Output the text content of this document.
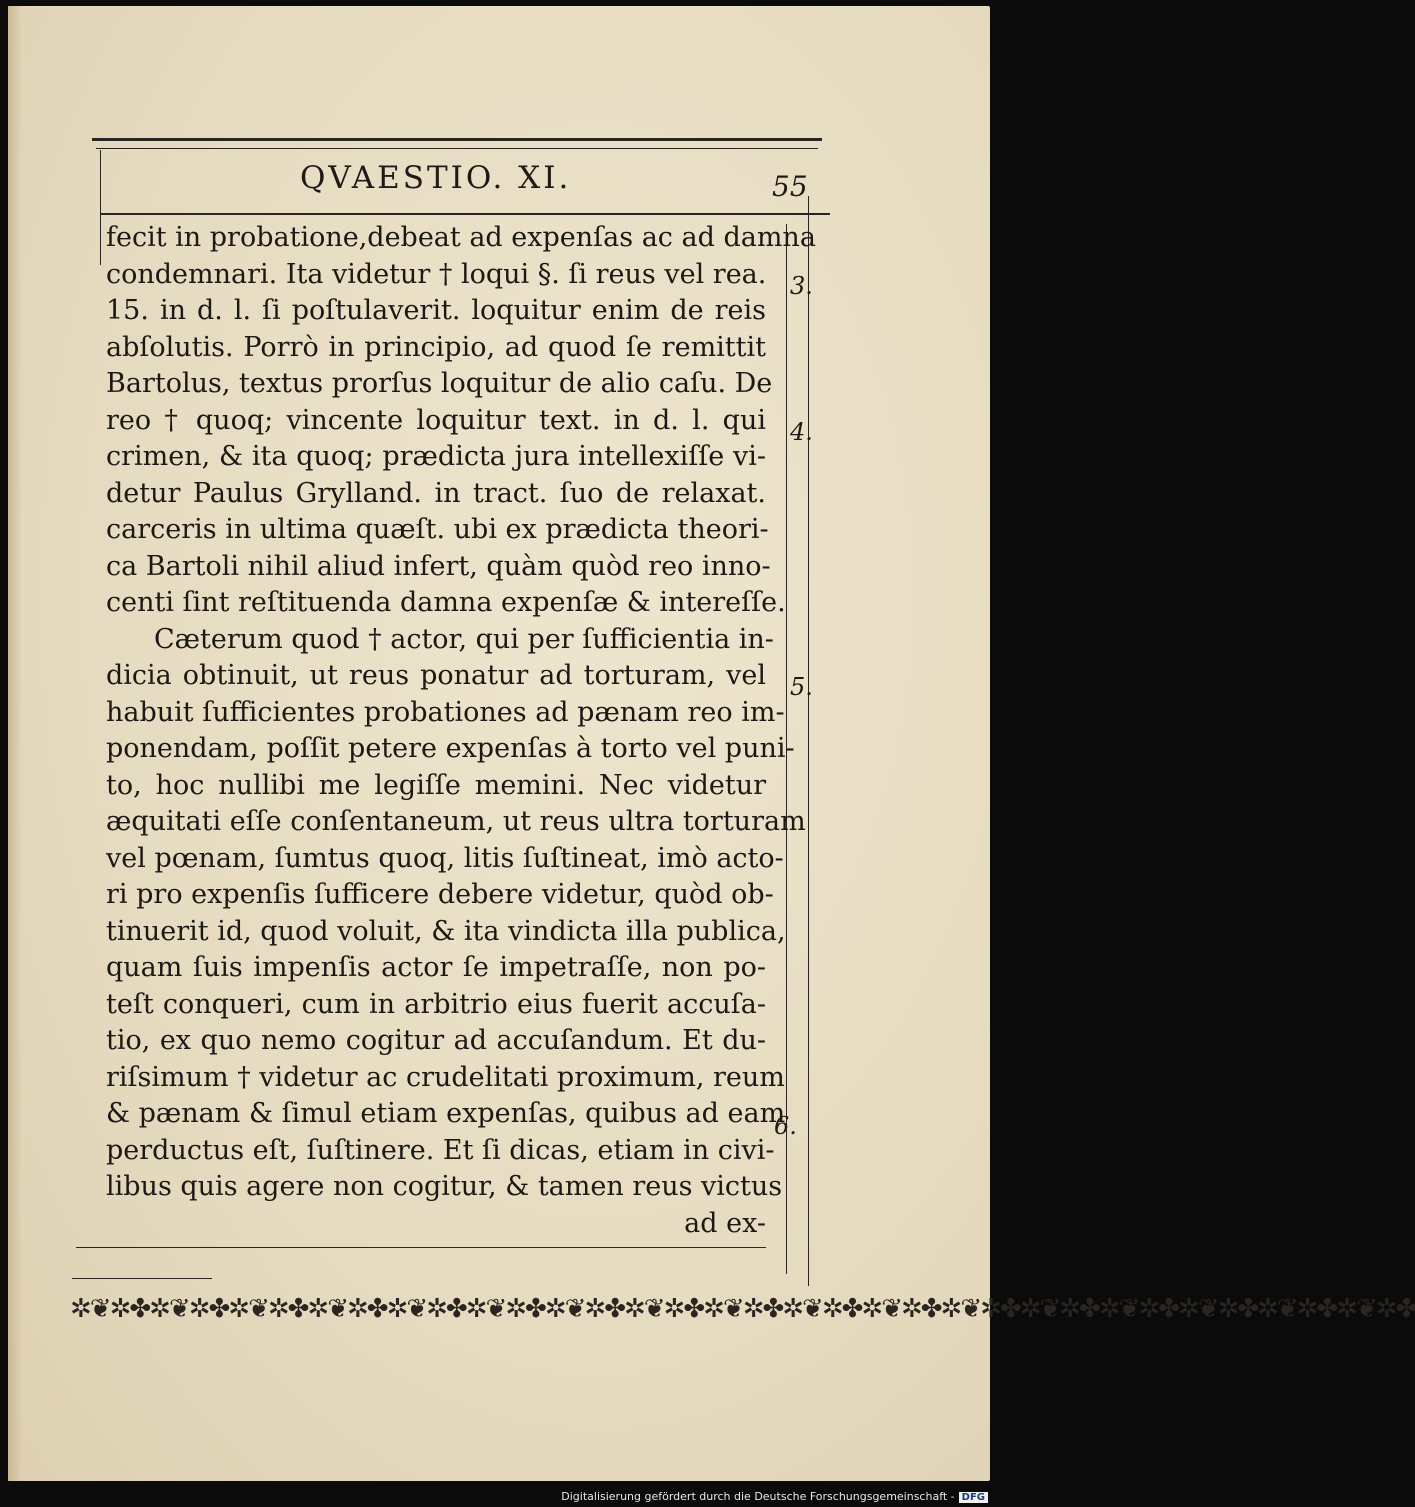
QVAESTIO. XI.	55
fecit in probatione,debeat ad expenſas ac ad damna
condemnari. Ita videtur † loqui §. ſi reus vel rea.
15. in d. l. ſi poſtulaverit. loquitur enim de reis
abſolutis. Porrò in principio, ad quod ſe remittit
Bartolus, textus prorſus loquitur de alio caſu. De
reo † quoq; vincente loquitur text. in d. l. qui
crimen, & ita quoq; prædicta jura intellexiſſe vi-
detur Paulus Grylland. in tract. ſuo de relaxat.
carceris in ultima quæſt. ubi ex prædicta theori-
ca Bartoli nihil aliud infert, quàm quòd reo inno-
centi ſint reſtituenda damna expenſæ & intereſſe.
Cæterum quod † actor, qui per ſufficientia in-
dicia obtinuit, ut reus ponatur ad torturam, vel
habuit ſufficientes probationes ad pænam reo im-
ponendam, poſſit petere expenſas à torto vel puni-
to, hoc nullibi me legiſſe memini. Nec videtur
æquitati eſſe conſentaneum, ut reus ultra torturam
vel pœnam, ſumtus quoq, litis ſuſtineat, imò acto-
ri pro expenſis ſufficere debere videtur, quòd ob-
tinuerit id, quod voluit, & ita vindicta illa publica,
quam ſuis impenſis actor ſe impetraſſe, non po-
teſt conqueri, cum in arbitrio eius fuerit accuſa-
tio, ex quo nemo cogitur ad accuſandum. Et du-
riſsimum † videtur ac crudelitati proximum, reum
& pænam & ſimul etiam expenſas, quibus ad eam
perductus eſt, ſuſtinere. Et ſi dicas, etiam in civi-
libus quis agere non cogitur, & tamen reus victus
ad ex-
3.
4.
5.
6.
✲❦✲✤✲❦✲✤✲❦✲✤✲❦✲✤✲❦✲✤✲❦✲✤✲❦✲✤✲❦✲✤✲❦✲✤✲❦✲✤✲❦✲✤✲❦✲✤✲❦✲✤✲❦✲✤✲❦✲✤✲❦✲✤✲❦✲✤
Digitalisierung gefördert durch die Deutsche Forschungsgemeinschaft - DFG
